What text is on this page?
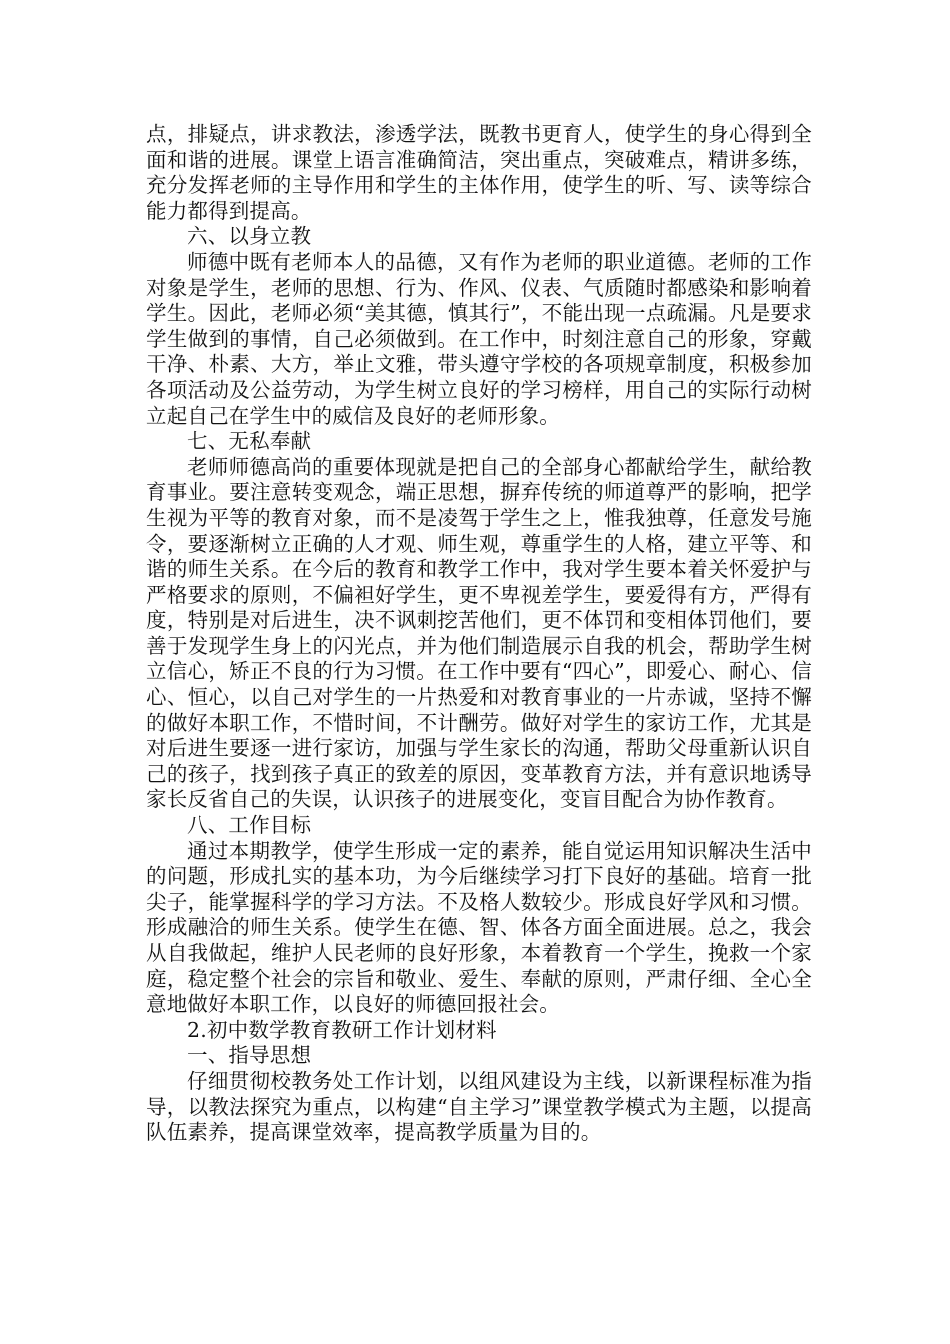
点，排疑点，讲求教法，渗透学法，既教书更育人，使学生的身心得到全面和谐的进展。课堂上语言准确简洁，突出重点，突破难点，精讲多练，充分发挥老师的主导作用和学生的主体作用，使学生的听、写、读等综合能力都得到提高。

六、以身立教

师德中既有老师本人的品德，又有作为老师的职业道德。老师的工作对象是学生，老师的思想、行为、作风、仪表、气质随时都感染和影响着学生。因此，老师必须“美其德，慎其行”，不能出现一点疏漏。凡是要求学生做到的事情，自己必须做到。在工作中，时刻注意自己的形象，穿戴干净、朴素、大方，举止文雅，带头遵守学校的各项规章制度，积极参加各项活动及公益劳动，为学生树立良好的学习榜样，用自己的实际行动树立起自己在学生中的威信及良好的老师形象。

七、无私奉献

老师师德高尚的重要体现就是把自己的全部身心都献给学生，献给教育事业。要注意转变观念，端正思想，摒弃传统的师道尊严的影响，把学生视为平等的教育对象，而不是凌驾于学生之上，惟我独尊，任意发号施令，要逐渐树立正确的人才观、师生观，尊重学生的人格，建立平等、和谐的师生关系。在今后的教育和教学工作中，我对学生要本着关怀爱护与严格要求的原则，不偏袒好学生，更不卑视差学生，要爱得有方，严得有度，特别是对后进生，决不讽刺挖苦他们，更不体罚和变相体罚他们，要善于发现学生身上的闪光点，并为他们制造展示自我的机会，帮助学生树立信心，矫正不良的行为习惯。在工作中要有“四心”，即爱心、耐心、信心、恒心，以自己对学生的一片热爱和对教育事业的一片赤诚，坚持不懈的做好本职工作，不惜时间，不计酬劳。做好对学生的家访工作，尤其是对后进生要逐一进行家访，加强与学生家长的沟通，帮助父母重新认识自己的孩子，找到孩子真正的致差的原因，变革教育方法，并有意识地诱导家长反省自己的失误，认识孩子的进展变化，变盲目配合为协作教育。

八、工作目标

通过本期教学，使学生形成一定的素养，能自觉运用知识解决生活中的问题，形成扎实的基本功，为今后继续学习打下良好的基础。培育一批尖子，能掌握科学的学习方法。不及格人数较少。形成良好学风和习惯。形成融洽的师生关系。使学生在德、智、体各方面全面进展。总之，我会从自我做起，维护人民老师的良好形象，本着教育一个学生，挽救一个家庭，稳定整个社会的宗旨和敬业、爱生、奉献的原则，严肃仔细、全心全意地做好本职工作，以良好的师德回报社会。

2.初中数学教育教研工作计划材料

一、指导思想

仔细贯彻校教务处工作计划，以组风建设为主线，以新课程标准为指导，以教法探究为重点，以构建“自主学习”课堂教学模式为主题，以提高队伍素养，提高课堂效率，提高教学质量为目的。
